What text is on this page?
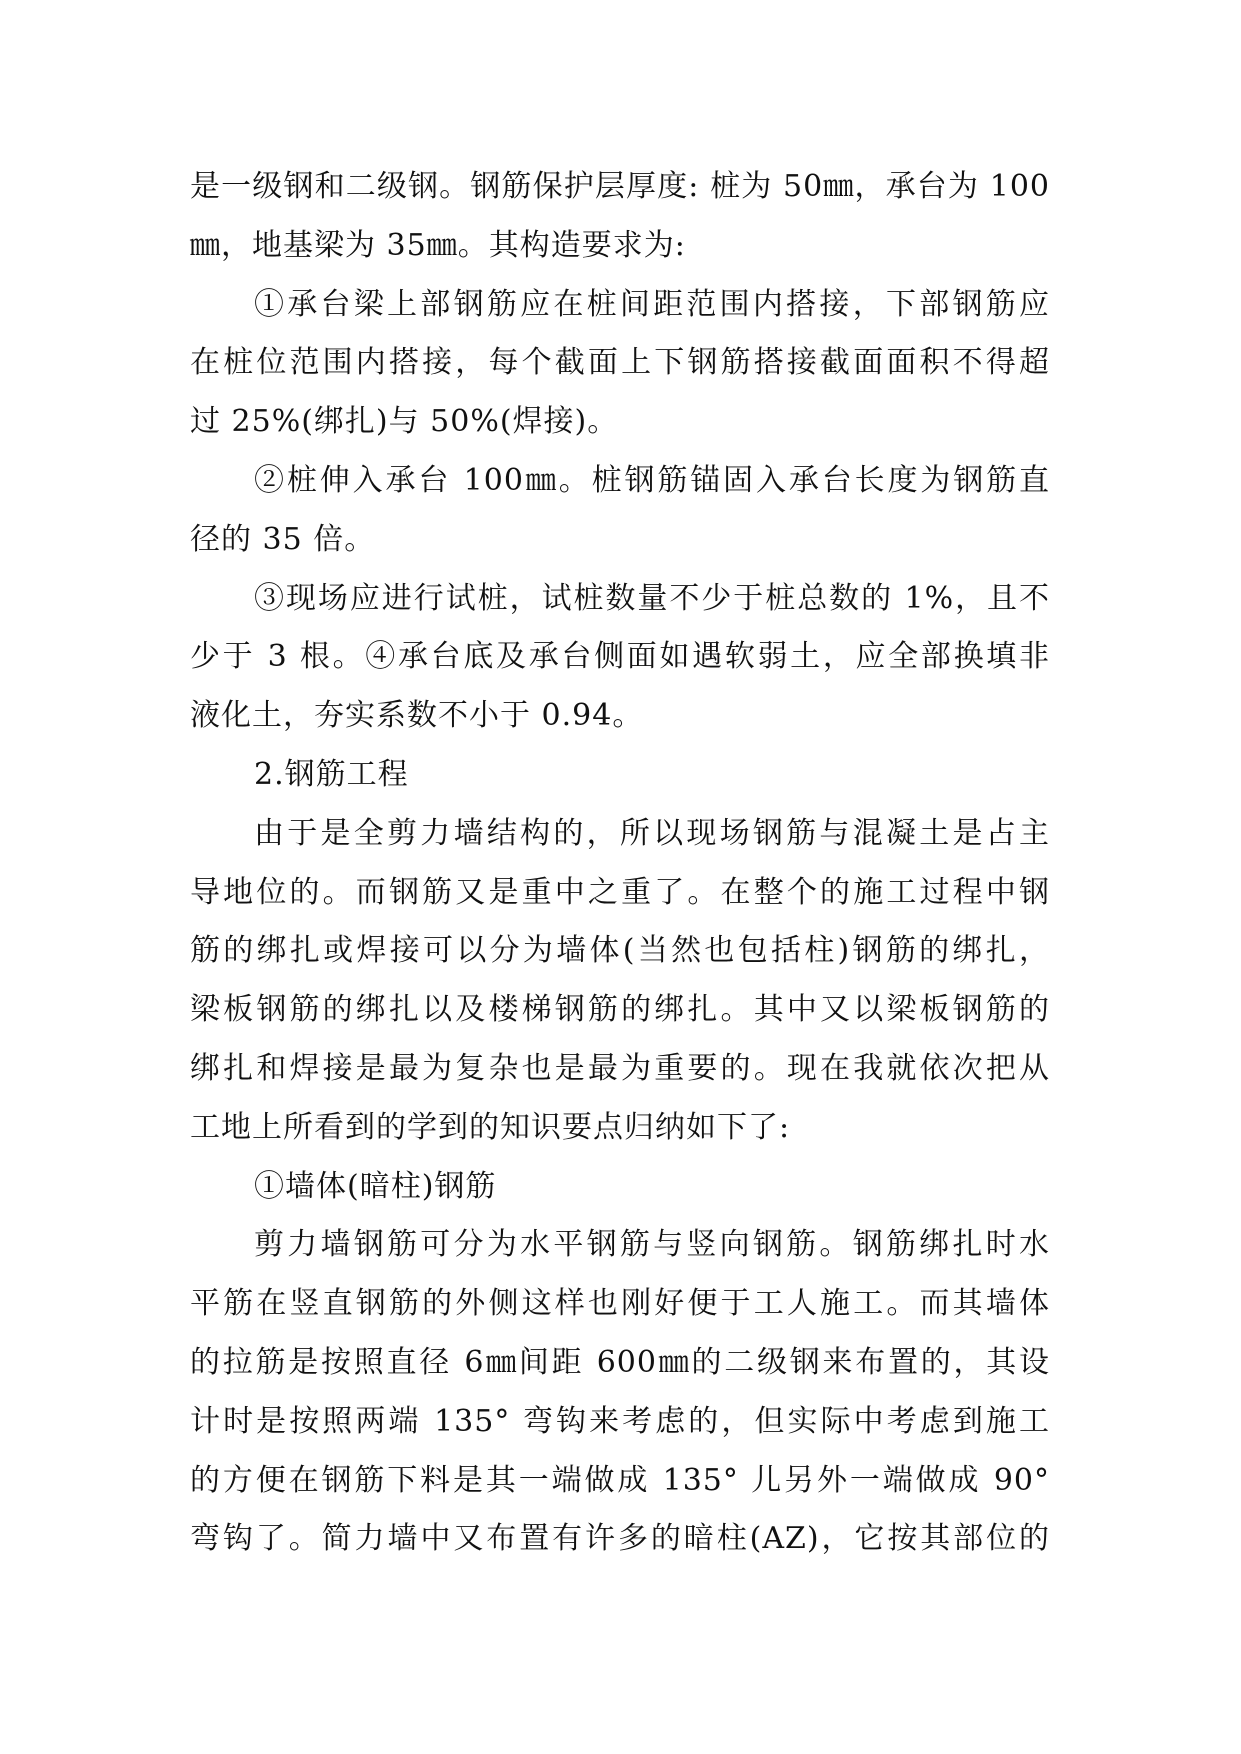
是一级钢和二级钢。钢筋保护层厚度: 桩为 50㎜，承台为 100
㎜，地基梁为 35㎜。其构造要求为:
①承台梁上部钢筋应在桩间距范围内搭接，下部钢筋应
在桩位范围内搭接，每个截面上下钢筋搭接截面面积不得超
过 25%(绑扎)与 50%(焊接)。
②桩伸入承台 100㎜。桩钢筋锚固入承台长度为钢筋直
径的 35 倍。
③现场应进行试桩，试桩数量不少于桩总数的 1%，且不
少于 3 根。④承台底及承台侧面如遇软弱土，应全部换填非
液化土，夯实系数不小于 0.94。
2.钢筋工程
由于是全剪力墙结构的，所以现场钢筋与混凝土是占主
导地位的。而钢筋又是重中之重了。在整个的施工过程中钢
筋的绑扎或焊接可以分为墙体(当然也包括柱)钢筋的绑扎，
梁板钢筋的绑扎以及楼梯钢筋的绑扎。其中又以梁板钢筋的
绑扎和焊接是最为复杂也是最为重要的。现在我就依次把从
工地上所看到的学到的知识要点归纳如下了:
①墙体(暗柱)钢筋
剪力墙钢筋可分为水平钢筋与竖向钢筋。钢筋绑扎时水
平筋在竖直钢筋的外侧这样也刚好便于工人施工。而其墙体
的拉筋是按照直径 6㎜间距 600㎜的二级钢来布置的，其设
计时是按照两端 135° 弯钩来考虑的，但实际中考虑到施工
的方便在钢筋下料是其一端做成 135° 儿另外一端做成 90°
弯钩了。简力墙中又布置有许多的暗柱(AZ)，它按其部位的
